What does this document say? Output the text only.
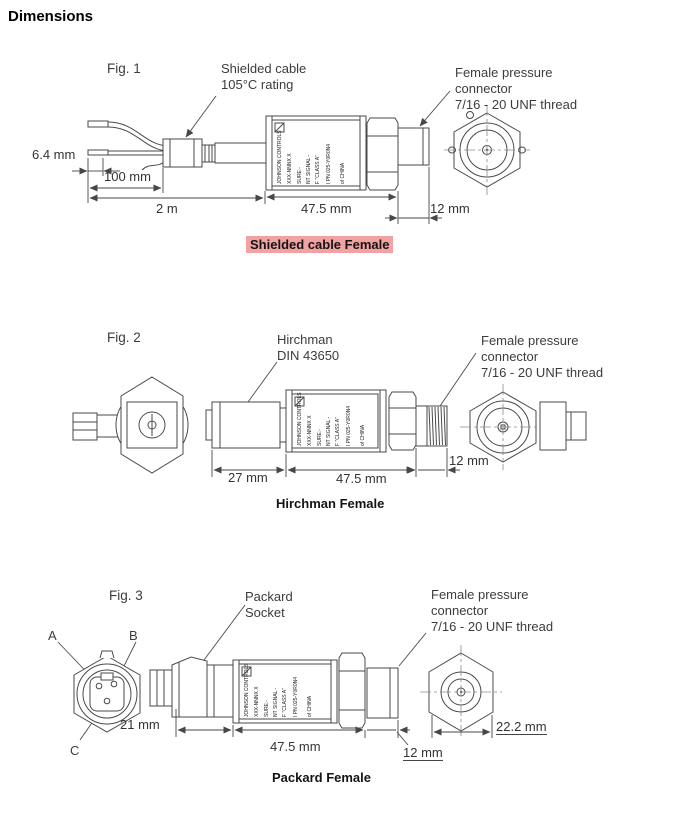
Dimensions
JOHNSON CONTROLS XXX-NNNX X SURE:- NT SIGNAL - F "CLASS A" I PN 025-Y0R0N4 of CHINA
Fig. 1	Shielded cable
105°C rating
Female pressure
connector
7/16 - 20 UNF thread
6.4 mm
100 mm
2 m	47.5 mm	12 mm
Shielded cable Female
JOHNSON CONTROLS XXX-NNNX X SURE:- NT SIGNAL - F "CLASS A" I PN 025-Y0R0N4 of CHINA
Fig. 2	Hirchman
DIN 43650
Female pressure
connector
7/16 - 20 UNF thread
27 mm	47.5 mm
12 mm
Hirchman Female
JOHNSON CONTROLS XXX-NNNX X SURE:- NT SIGNAL - F "CLASS A" I PN 025-Y0R0N4 of CHINA
Fig. 3	Packard
Socket
Female pressure
connector
7/16 - 20 UNF thread
A	B
C
21 mm
47.5 mm	12 mm
22.2 mm
Packard Female
